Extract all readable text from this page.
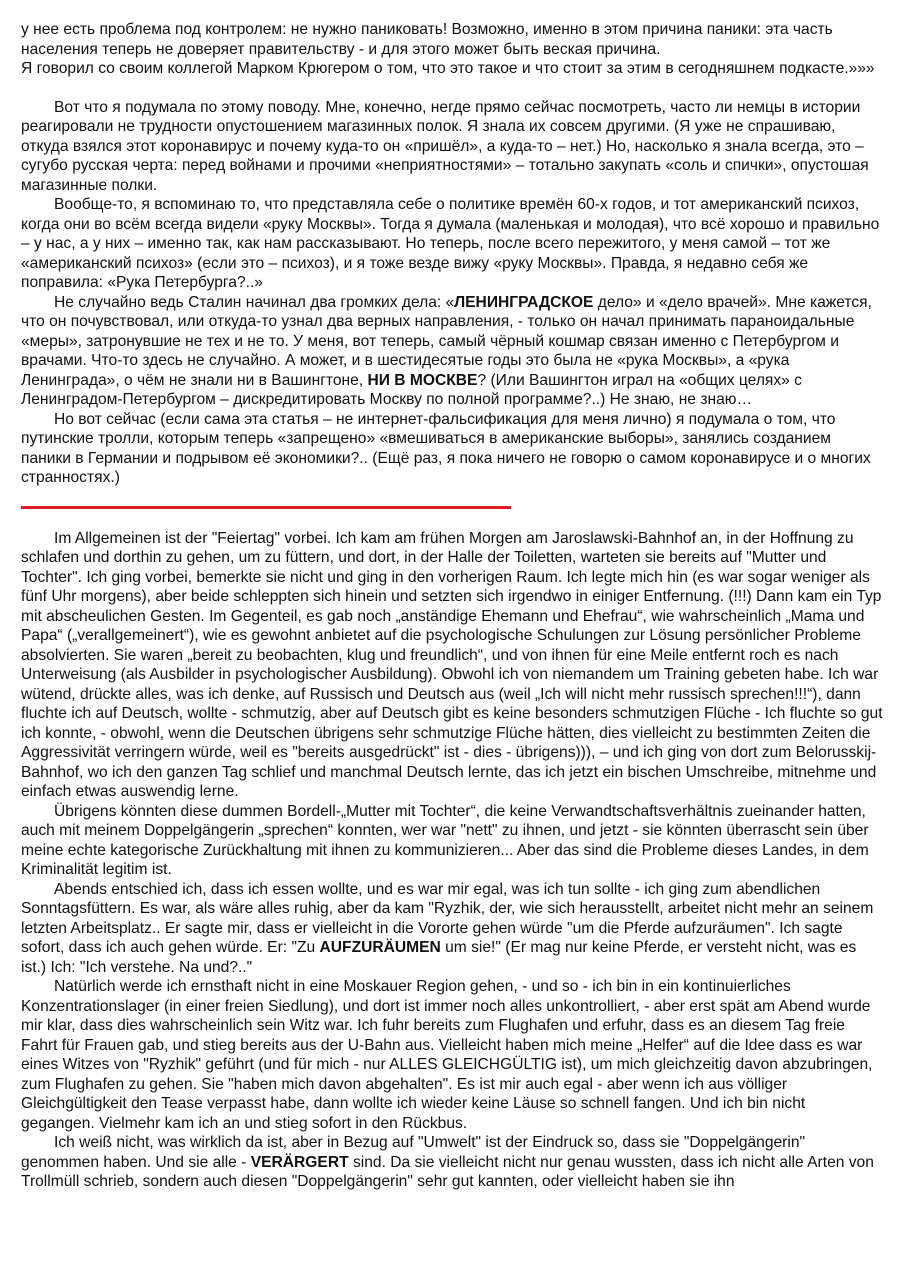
у нее есть проблема под контролем: не нужно паниковать! Возможно, именно в этом причина паники: эта часть населения теперь не доверяет правительству - и для этого может быть веская причина.

Я говорил со своим коллегой Марком Крюгером о том, что это такое и что стоит за этим в сегодняшнем подкасте.»»»

Вот что я подумала по этому поводу. Мне, конечно, негде прямо сейчас посмотреть, часто ли немцы в истории реагировали не трудности опустошением магазинных полок. Я знала их совсем другими. (Я уже не спрашиваю, откуда взялся этот коронавирус и почему куда-то он «пришёл», а куда-то – нет.) Но, насколько я знала всегда, это – сугубо русская черта: перед войнами и прочими «неприятностями» – тотально закупать «соль и спички», опустошая магазинные полки.

Вообще-то, я вспоминаю то, что представляла себе о политике времён 60-х годов, и тот американский психоз, когда они во всём всегда видели «руку Москвы». Тогда я думала (маленькая и молодая), что всё хорошо и правильно – у нас, а у них – именно так, как нам рассказывают. Но теперь, после всего пережитого, у меня самой – тот же «американский психоз» (если это – психоз), и я тоже везде вижу «руку Москвы». Правда, я недавно себя же поправила: «Рука Петербурга?..»

Не случайно ведь Сталин начинал два громких дела: «ЛЕНИНГРАДСКОЕ дело» и «дело врачей». Мне кажется, что он почувствовал, или откуда-то узнал два верных направления, - только он начал принимать параноидальные «меры», затронувшие не тех и не то. У меня, вот теперь, самый чёрный кошмар связан именно с Петербургом и врачами. Что-то здесь не случайно. А может, и в шестидесятые годы это была не «рука Москвы», а «рука Ленинграда», о чём не знали ни в Вашингтоне, НИ В МОСКВЕ? (Или Вашингтон играл на «общих целях» с Ленинградом-Петербургом – дискредитировать Москву по полной программе?..) Не знаю, не знаю…

Но вот сейчас (если сама эта статья – не интернет-фальсификация для меня лично) я подумала о том, что путинские тролли, которым теперь «запрещено» «вмешиваться в американские выборы», занялись созданием паники в Германии и подрывом её экономики?.. (Ещё раз, я пока ничего не говорю о самом коронавирусе и о многих странностях.)

Im Allgemeinen ist der "Feiertag" vorbei. Ich kam am frühen Morgen am Jaroslawski-Bahnhof an, in der Hoffnung zu schlafen und dorthin zu gehen, um zu füttern, und dort, in der Halle der Toiletten, warteten sie bereits auf "Mutter und Tochter". Ich ging vorbei, bemerkte sie nicht und ging in den vorherigen Raum. Ich legte mich hin (es war sogar weniger als fünf Uhr morgens), aber beide schleppten sich hinein und setzten sich irgendwo in einiger Entfernung. (!!!) Dann kam ein Typ mit abscheulichen Gesten. Im Gegenteil, es gab noch „anständige Ehemann und Ehefrau“, wie wahrscheinlich „Mama und Papa“ („verallgemeinert“), wie es gewohnt anbietet auf die psychologische Schulungen zur Lösung persönlicher Probleme absolvierten. Sie waren „bereit zu beobachten, klug und freundlich“, und von ihnen für eine Meile entfernt roch es nach Unterweisung (als Ausbilder in psychologischer Ausbildung). Obwohl ich von niemandem um Training gebeten habe. Ich war wütend, drückte alles, was ich denke, auf Russisch und Deutsch aus (weil „Ich will nicht mehr russisch sprechen!!!“), dann fluchte ich auf Deutsch, wollte - schmutzig, aber auf Deutsch gibt es keine besonders schmutzigen Flüche - Ich fluchte so gut ich konnte, - obwohl, wenn die Deutschen übrigens sehr schmutzige Flüche hätten, dies vielleicht zu bestimmten Zeiten die Aggressivität verringern würde, weil es "bereits ausgedrückt" ist - dies - übrigens))), – und ich ging von dort zum Belorusskij-Bahnhof, wo ich den ganzen Tag schlief und manchmal Deutsch lernte, das ich jetzt ein bischen Umschreibe, mitnehme und einfach etwas auswendig lerne.

Übrigens könnten diese dummen Bordell-„Mutter mit Tochter“, die keine Verwandtschaftsverhältnis zueinander hatten, auch mit meinem Doppelgängerin „sprechen“ konnten, wer war "nett" zu ihnen, und jetzt - sie könnten überrascht sein über meine echte kategorische Zurückhaltung mit ihnen zu kommunizieren... Aber das sind die Probleme dieses Landes, in dem Kriminalität legitim ist.

Abends entschied ich, dass ich essen wollte, und es war mir egal, was ich tun sollte - ich ging zum abendlichen Sonntagsfüttern. Es war, als wäre alles ruhig, aber da kam "Ryzhik, der, wie sich herausstellt, arbeitet nicht mehr an seinem letzten Arbeitsplatz.. Er sagte mir, dass er vielleicht in die Vororte gehen würde "um die Pferde aufzuräumen". Ich sagte sofort, dass ich auch gehen würde. Er: "Zu AUFZURÄUMEN um sie!" (Er mag nur keine Pferde, er versteht nicht, was es ist.) Ich: "Ich verstehe. Na und?.."

Natürlich werde ich ernsthaft nicht in eine Moskauer Region gehen, - und so - ich bin in ein kontinuierliches Konzentrationslager (in einer freien Siedlung), und dort ist immer noch alles unkontrolliert, - aber erst spät am Abend wurde mir klar, dass dies wahrscheinlich sein Witz war. Ich fuhr bereits zum Flughafen und erfuhr, dass es an diesem Tag freie Fahrt für Frauen gab, und stieg bereits aus der U-Bahn aus. Vielleicht haben mich meine „Helfer“ auf die Idee dass es war eines Witzes von "Ryzhik" geführt (und für mich - nur ALLES GLEICHGÜLTIG ist), um mich gleichzeitig davon abzubringen, zum Flughafen zu gehen. Sie "haben mich davon abgehalten". Es ist mir auch egal - aber wenn ich aus völliger Gleichgültigkeit den Tease verpasst habe, dann wollte ich wieder keine Läuse so schnell fangen. Und ich bin nicht gegangen. Vielmehr kam ich an und stieg sofort in den Rückbus.

Ich weiß nicht, was wirklich da ist, aber in Bezug auf "Umwelt" ist der Eindruck so, dass sie "Doppelgängerin" genommen haben. Und sie alle - VERÄRGERT sind. Da sie vielleicht nicht nur genau wussten, dass ich nicht alle Arten von Trollmüll schrieb, sondern auch diesen "Doppelgängerin" sehr gut kannten, oder vielleicht haben sie ihn
